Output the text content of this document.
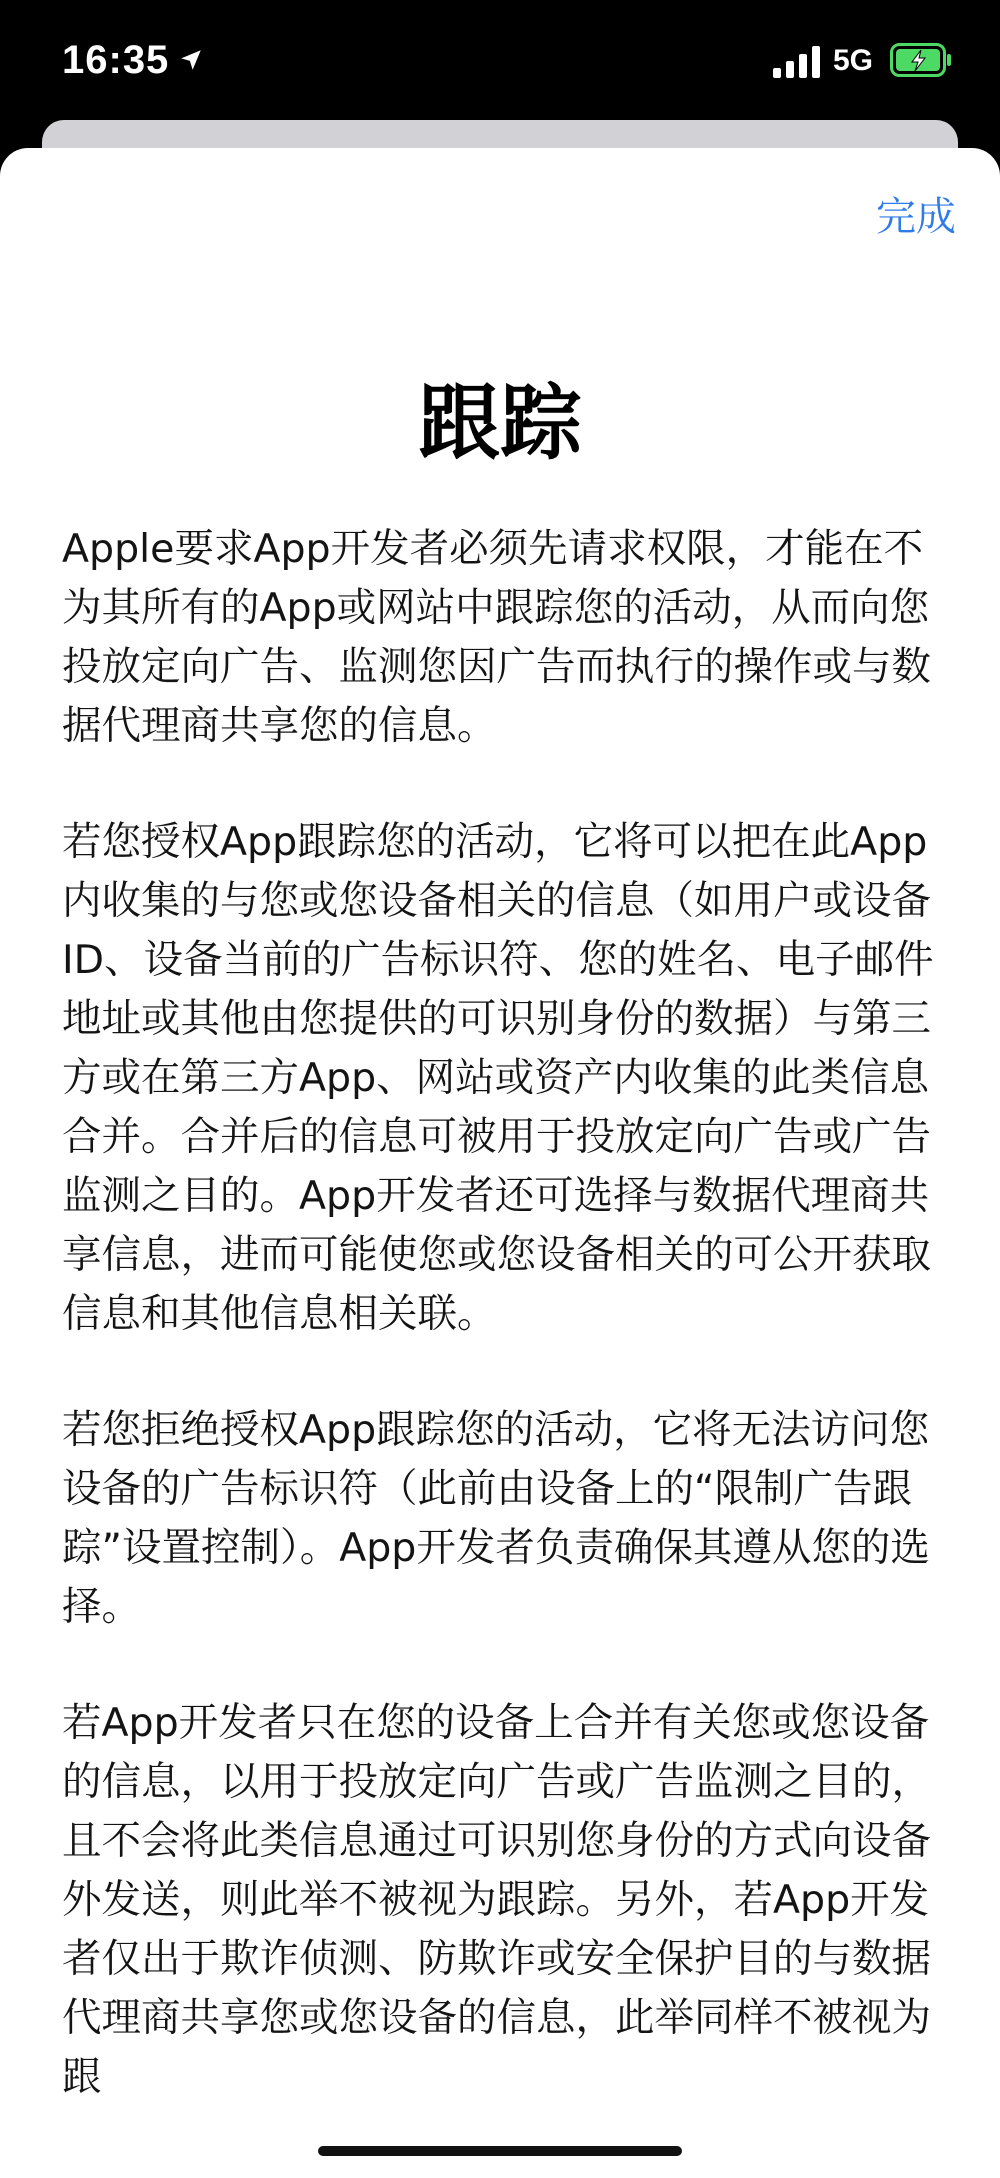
16:35	5G
完成
跟踪

Apple要求App开发者必须先请求权限，才能在不为其所有的App或网站中跟踪您的活动，从而向您投放定向广告、监测您因广告而执行的操作或与数据代理商共享您的信息。

若您授权App跟踪您的活动，它将可以把在此App内收集的与您或您设备相关的信息（如用户或设备ID、设备当前的广告标识符、您的姓名、电子邮件地址或其他由您提供的可识别身份的数据）与第三方或在第三方App、网站或资产内收集的此类信息合并。合并后的信息可被用于投放定向广告或广告监测之目的。App开发者还可选择与数据代理商共享信息，进而可能使您或您设备相关的可公开获取信息和其他信息相关联。

若您拒绝授权App跟踪您的活动，它将无法访问您设备的广告标识符（此前由设备上的“限制广告跟踪”设置控制）。App开发者负责确保其遵从您的选择。

若App开发者只在您的设备上合并有关您或您设备的信息，以用于投放定向广告或广告监测之目的，且不会将此类信息通过可识别您身份的方式向设备外发送，则此举不被视为跟踪。另外，若App开发者仅出于欺诈侦测、防欺诈或安全保护目的与数据代理商共享您或您设备的信息，此举同样不被视为跟
